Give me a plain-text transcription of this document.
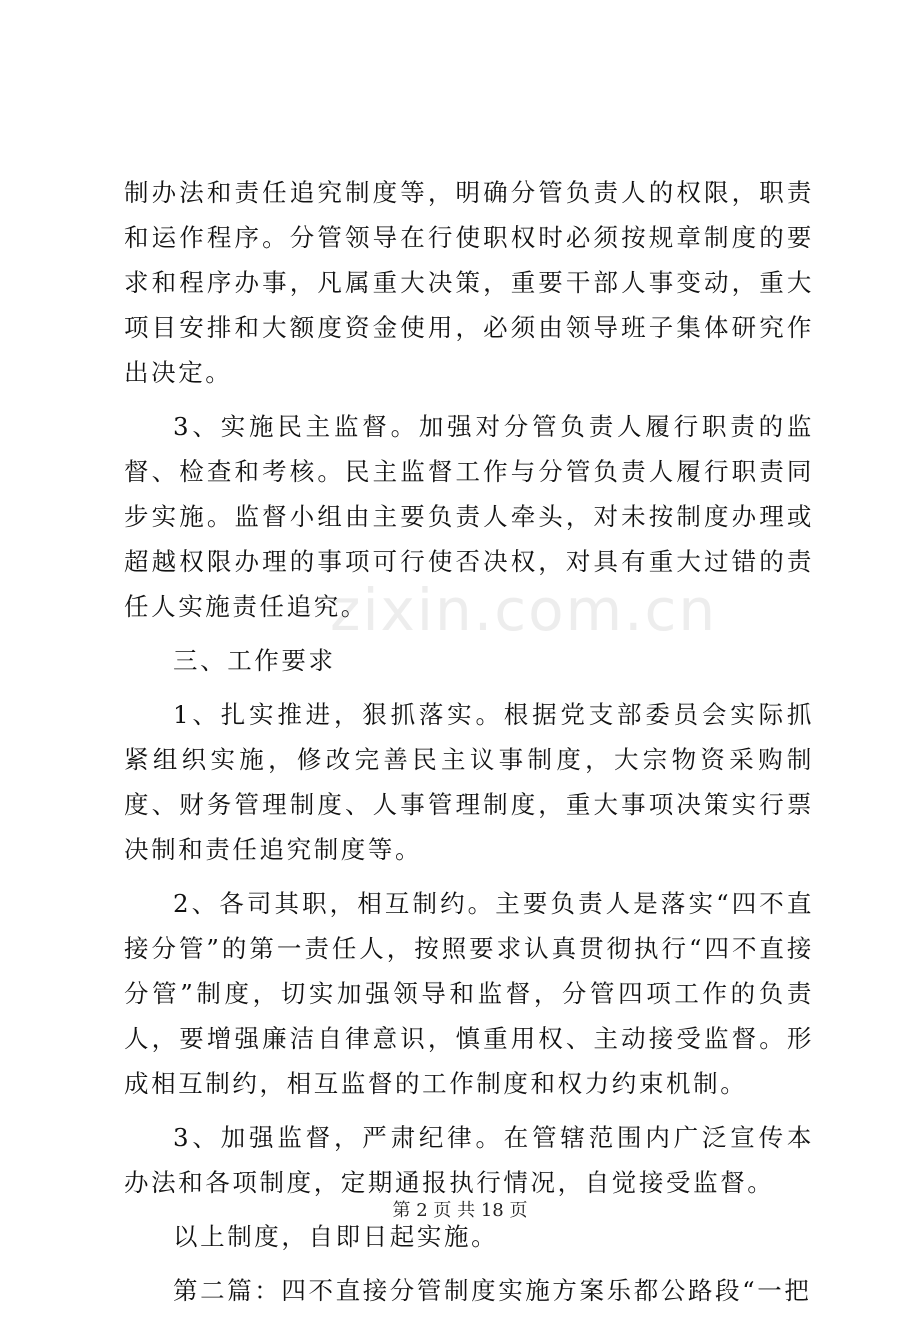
zixin.com.cn

制办法和责任追究制度等，明确分管负责人的权限，职责和运作程序。分管领导在行使职权时必须按规章制度的要求和程序办事，凡属重大决策，重要干部人事变动，重大项目安排和大额度资金使用，必须由领导班子集体研究作出决定。

3、实施民主监督。加强对分管负责人履行职责的监督、检查和考核。民主监督工作与分管负责人履行职责同步实施。监督小组由主要负责人牵头，对未按制度办理或超越权限办理的事项可行使否决权，对具有重大过错的责任人实施责任追究。

三、工作要求

1、扎实推进，狠抓落实。根据党支部委员会实际抓紧组织实施，修改完善民主议事制度，大宗物资采购制度、财务管理制度、人事管理制度，重大事项决策实行票决制和责任追究制度等。

2、各司其职，相互制约。主要负责人是落实“四不直接分管”的第一责任人，按照要求认真贯彻执行“四不直接分管”制度，切实加强领导和监督，分管四项工作的负责人，要增强廉洁自律意识，慎重用权、主动接受监督。形成相互制约，相互监督的工作制度和权力约束机制。

3、加强监督，严肃纪律。在管辖范围内广泛宣传本办法和各项制度，定期通报执行情况，自觉接受监督。

以上制度，自即日起实施。

第二篇：四不直接分管制度实施方案乐都公路段“一把

第 2 页 共 18 页
